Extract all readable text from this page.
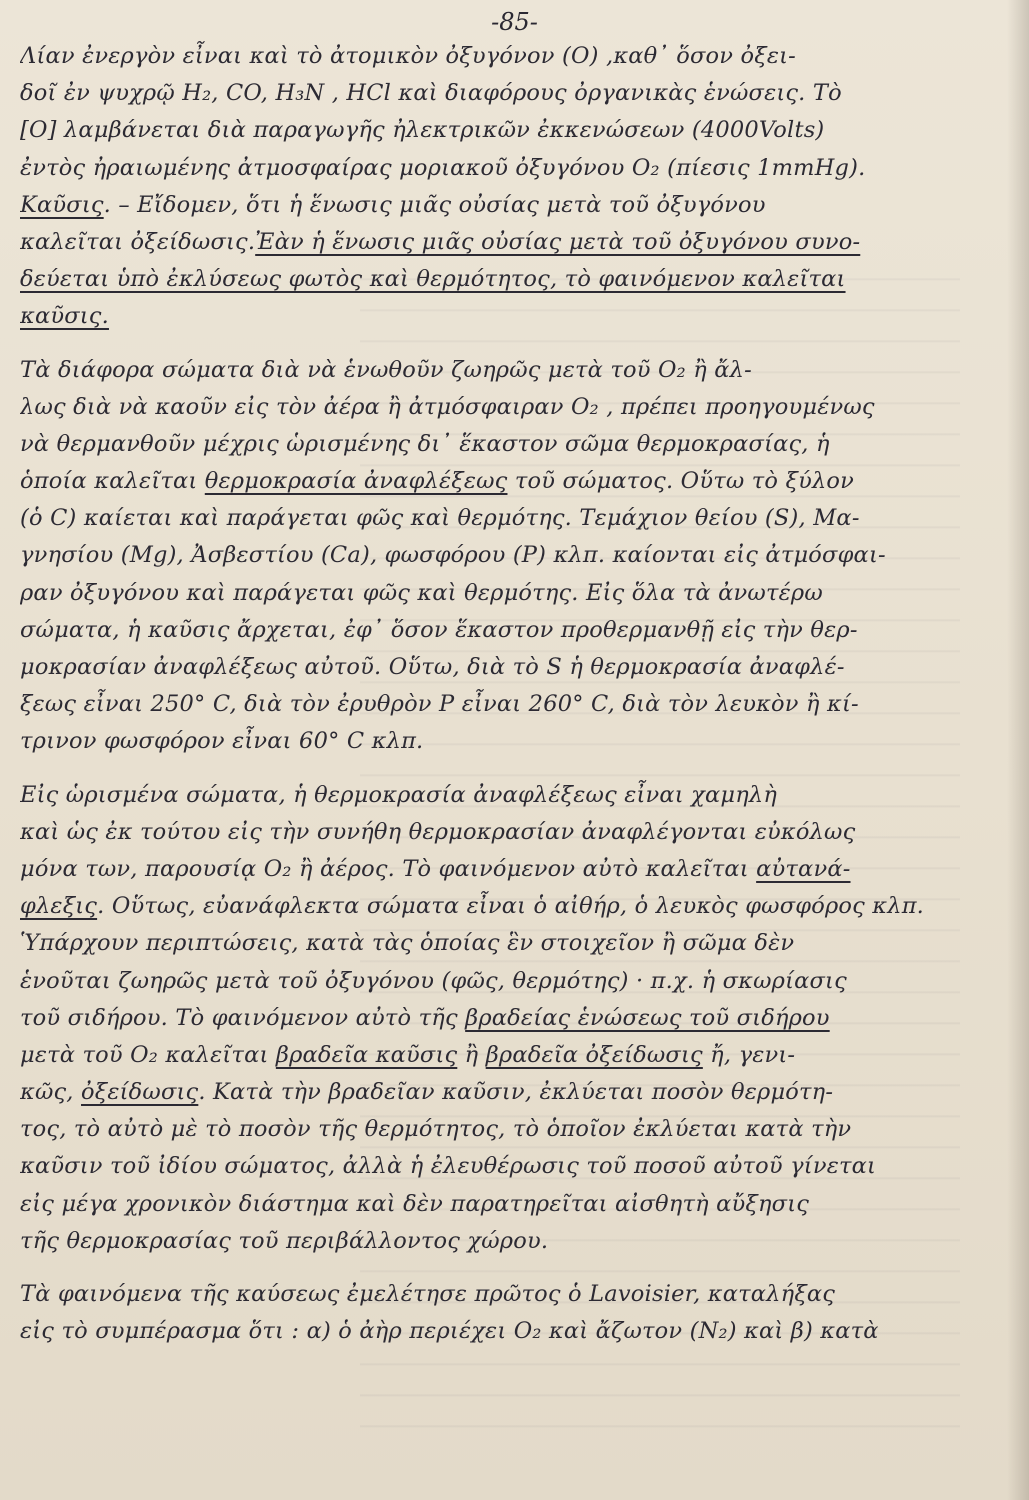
-85-
Λίαν ἐνεργὸν εἶναι καὶ τὸ ἀτομικὸν ὀξυγόνον (O) ,καθ᾽ ὅσον ὀξει-
δοῖ ἐν ψυχρῷ H₂, CO, H₃N , HCl καὶ διαφόρους ὀργανικὰς ἑνώσεις. Τὸ
[O] λαμβάνεται διὰ παραγωγῆς ἠλεκτρικῶν ἐκκενώσεων (4000Volts)
ἐντὸς ἠραιωμένης ἀτμοσφαίρας μοριακοῦ ὀξυγόνου O₂ (πίεσις 1mmHg).
Καῦσις. – Εἴδομεν, ὅτι ἡ ἕνωσις μιᾶς οὐσίας μετὰ τοῦ ὀξυγόνου
καλεῖται ὀξείδωσις.Ἐὰν ἡ ἕνωσις μιᾶς οὐσίας μετὰ τοῦ ὀξυγόνου συνο-
δεύεται ὑπὸ ἐκλύσεως φωτὸς καὶ θερμότητος, τὸ φαινόμενον καλεῖται
καῦσις.
Τὰ διάφορα σώματα διὰ νὰ ἑνωθοῦν ζωηρῶς μετὰ τοῦ O₂ ἢ ἄλ-
λως διὰ νὰ καοῦν εἰς τὸν ἀέρα ἢ ἀτμόσφαιραν O₂ , πρέπει προηγουμένως
νὰ θερμανθοῦν μέχρις ὡρισμένης δι᾽ ἕκαστον σῶμα θερμοκρασίας, ἡ
ὁποία καλεῖται θερμοκρασία ἀναφλέξεως τοῦ σώματος. Οὕτω τὸ ξύλον
(ὁ C) καίεται καὶ παράγεται φῶς καὶ θερμότης. Τεμάχιον θείου (S), Μα-
γνησίου (Mg), Ἀσβεστίου (Ca), φωσφόρου (P) κλπ. καίονται εἰς ἀτμόσφαι-
ραν ὀξυγόνου καὶ παράγεται φῶς καὶ θερμότης. Εἰς ὅλα τὰ ἀνωτέρω
σώματα, ἡ καῦσις ἄρχεται, ἐφ᾽ ὅσον ἕκαστον προθερμανθῇ εἰς τὴν θερ-
μοκρασίαν ἀναφλέξεως αὐτοῦ. Οὕτω, διὰ τὸ S ἡ θερμοκρασία ἀναφλέ-
ξεως εἶναι 250° C, διὰ τὸν ἐρυθρὸν P εἶναι 260° C, διὰ τὸν λευκὸν ἢ κί-
τρινον φωσφόρον εἶναι 60° C κλπ.
Εἰς ὡρισμένα σώματα, ἡ θερμοκρασία ἀναφλέξεως εἶναι χαμηλὴ
καὶ ὡς ἐκ τούτου εἰς τὴν συνήθη θερμοκρασίαν ἀναφλέγονται εὐκόλως
μόνα των, παρουσίᾳ O₂ ἢ ἀέρος. Τὸ φαινόμενον αὐτὸ καλεῖται αὐτανά-
φλεξις. Οὕτως, εὐανάφλεκτα σώματα εἶναι ὁ αἰθήρ, ὁ λευκὸς φωσφόρος κλπ.
Ὑπάρχουν περιπτώσεις, κατὰ τὰς ὁποίας ἓν στοιχεῖον ἢ σῶμα δὲν
ἑνοῦται ζωηρῶς μετὰ τοῦ ὀξυγόνου (φῶς, θερμότης) · π.χ. ἡ σκωρίασις
τοῦ σιδήρου. Τὸ φαινόμενον αὐτὸ τῆς βραδείας ἑνώσεως τοῦ σιδήρου
μετὰ τοῦ O₂ καλεῖται βραδεῖα καῦσις ἢ βραδεῖα ὀξείδωσις ἤ, γενι-
κῶς, ὀξείδωσις. Κατὰ τὴν βραδεῖαν καῦσιν, ἐκλύεται ποσὸν θερμότη-
τος, τὸ αὐτὸ μὲ τὸ ποσὸν τῆς θερμότητος, τὸ ὁποῖον ἐκλύεται κατὰ τὴν
καῦσιν τοῦ ἰδίου σώματος, ἀλλὰ ἡ ἐλευθέρωσις τοῦ ποσοῦ αὐτοῦ γίνεται
εἰς μέγα χρονικὸν διάστημα καὶ δὲν παρατηρεῖται αἰσθητὴ αὔξησις
τῆς θερμοκρασίας τοῦ περιβάλλοντος χώρου.
Τὰ φαινόμενα τῆς καύσεως ἐμελέτησε πρῶτος ὁ Lavoisier, καταλήξας
εἰς τὸ συμπέρασμα ὅτι : α) ὁ ἀὴρ περιέχει O₂ καὶ ἄζωτον (N₂) καὶ β) κατὰ
